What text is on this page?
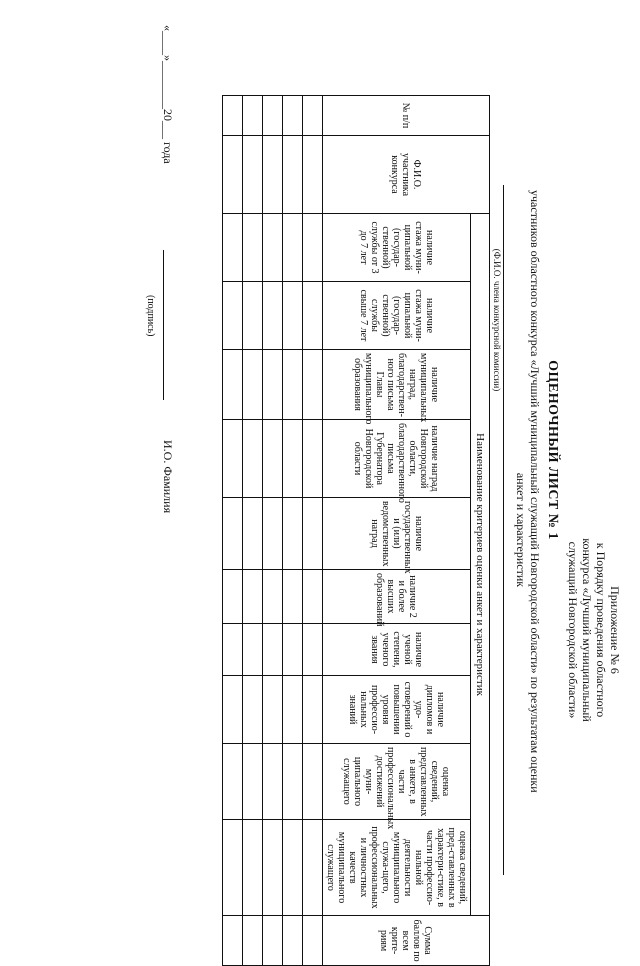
Приложение № 6
к Порядку проведения областного
конкурса «Лучший муниципальный
служащий Новгородской области»
ОЦЕНОЧНЫЙ ЛИСТ № 1
участников областного конкурса «Лучший муниципальный служащий Новгородской области» по результатам оценки
анкет и характеристик
(Ф.И.О. члена конкурсной комиссии)
№ п/п	Ф.И.О. участника конкурса	Наименование критериев оценки анкет и характеристик										Сумма баллов по всем крите-риям
		наличие стажа муни-ципальной (государ-ственной) службы от 3 до 7 лет	наличие стажа муни-ципальной (государ-ственной) службы свыше 7 лет	наличие муниципальных наград, благодарствен-ного письма Главы муниципального образования	наличие наград Новгородской области, благодарственного письма Губернатора Новгородской области	наличие государственных и (или) ведомственных наград	наличие 2 и более высших образований	наличие ученой степени, ученого звания	наличие дипломов и удо-стоверений о повышении уровня профессио-нальных знаний	оценка сведений, представленных в анкете, в части профессиональных достижений муни-ципального служащего	оценка сведений, пред-ставленных в характери-стике, в части профессио-нальной деятельности муниципального служа-щего, профессиональных и личностных качеств муниципального служащего	

«____»________20___ года
(подпись)
И.О. Фамилия
